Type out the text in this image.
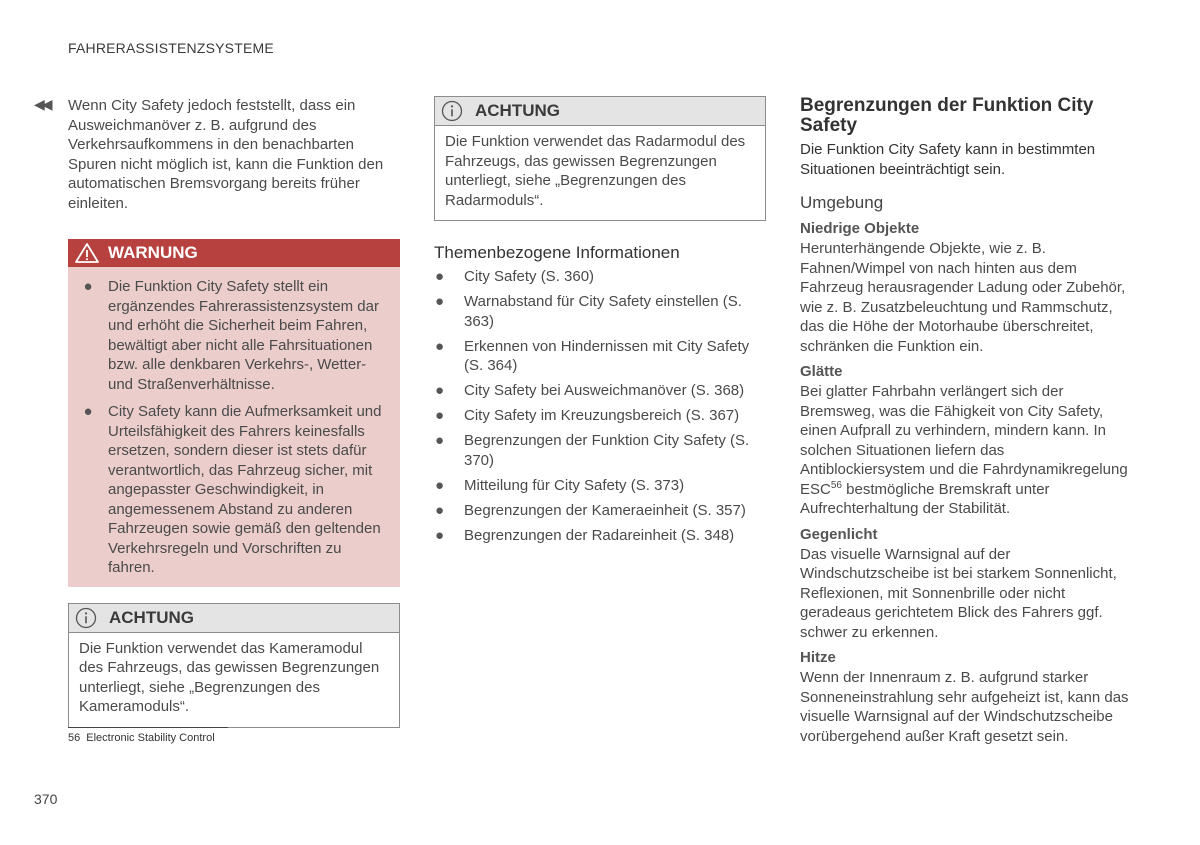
FAHRERASSISTENZSYSTEME
◀◀ Wenn City Safety jedoch feststellt, dass ein Ausweichmanöver z. B. aufgrund des Verkehrsaufkommens in den benachbarten Spuren nicht möglich ist, kann die Funktion den automatischen Bremsvorgang bereits früher einleiten.

WARNUNG
●	Die Funktion City Safety stellt ein ergänzendes Fahrerassistenzsystem dar und erhöht die Sicherheit beim Fahren, bewältigt aber nicht alle Fahrsituationen bzw. alle denkbaren Verkehrs-, Wetter- und Straßenverhältnisse.
●	City Safety kann die Aufmerksamkeit und Urteilsfähigkeit des Fahrers keinesfalls ersetzen, sondern dieser ist stets dafür verantwortlich, das Fahrzeug sicher, mit angepasster Geschwindigkeit, in angemessenem Abstand zu anderen Fahrzeugen sowie gemäß den geltenden Verkehrsregeln und Vorschriften zu fahren.
ACHTUNG
Die Funktion verwendet das Kameramodul des Fahrzeugs, das gewissen Begrenzungen unterliegt, siehe „Begrenzungen des Kameramoduls“.
ACHTUNG
Die Funktion verwendet das Radarmodul des Fahrzeugs, das gewissen Begrenzungen unterliegt, siehe „Begrenzungen des Radarmoduls“.
Themenbezogene Informationen
●	City Safety (S. 360)
●	Warnabstand für City Safety einstellen (S. 363)
●	Erkennen von Hindernissen mit City Safety (S. 364)
●	City Safety bei Ausweichmanöver (S. 368)
●	City Safety im Kreuzungsbereich (S. 367)
●	Begrenzungen der Funktion City Safety (S. 370)
●	Mitteilung für City Safety (S. 373)
●	Begrenzungen der Kameraeinheit (S. 357)
●	Begrenzungen der Radareinheit (S. 348)
Begrenzungen der Funktion City Safety

Die Funktion City Safety kann in bestimmten Situationen beeinträchtigt sein.

Umgebung
Niedrige Objekte

Herunterhängende Objekte, wie z. B. Fahnen/Wimpel von nach hinten aus dem Fahrzeug herausragender Ladung oder Zubehör, wie z. B. Zusatzbeleuchtung und Rammschutz, das die Höhe der Motorhaube überschreitet, schränken die Funktion ein.

Glätte

Bei glatter Fahrbahn verlängert sich der Bremsweg, was die Fähigkeit von City Safety, einen Aufprall zu verhindern, mindern kann. In solchen Situationen liefern das Antiblockiersystem und die Fahrdynamikregelung ESC$^{56}$ bestmögliche Bremskraft unter Aufrechterhaltung der Stabilität.

Gegenlicht

Das visuelle Warnsignal auf der Windschutzscheibe ist bei starkem Sonnenlicht, Reflexionen, mit Sonnenbrille oder nicht geradeaus gerichtetem Blick des Fahrers ggf. schwer zu erkennen.

Hitze

Wenn der Innenraum z. B. aufgrund starker Sonneneinstrahlung sehr aufgeheizt ist, kann das visuelle Warnsignal auf der Windschutzscheibe vorübergehend außer Kraft gesetzt sein.

56 Electronic Stability Control
370
